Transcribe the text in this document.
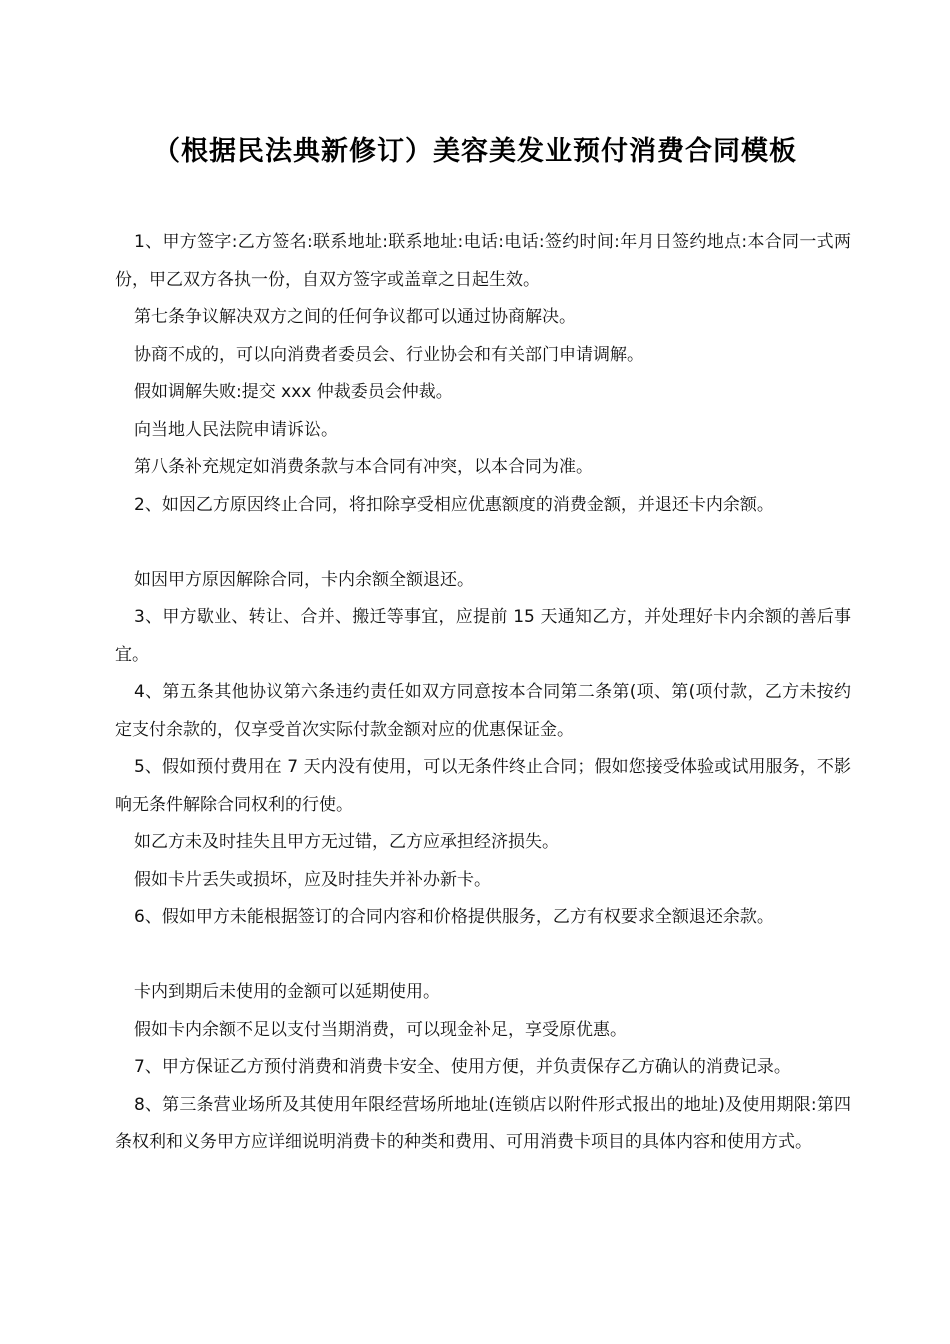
（根据民法典新修订）美容美发业预付消费合同模板

1、甲方签字:乙方签名:联系地址:联系地址:电话:电话:签约时间:年月日签约地点:本合同一式两份，甲乙双方各执一份，自双方签字或盖章之日起生效。

第七条争议解决双方之间的任何争议都可以通过协商解决。

协商不成的，可以向消费者委员会、行业协会和有关部门申请调解。

假如调解失败:提交 xxx 仲裁委员会仲裁。

向当地人民法院申请诉讼。

第八条补充规定如消费条款与本合同有冲突，以本合同为准。

2、如因乙方原因终止合同，将扣除享受相应优惠额度的消费金额，并退还卡内余额。

如因甲方原因解除合同，卡内余额全额退还。

3、甲方歇业、转让、合并、搬迁等事宜，应提前 15 天通知乙方，并处理好卡内余额的善后事宜。

4、第五条其他协议第六条违约责任如双方同意按本合同第二条第(项、第(项付款，乙方未按约定支付余款的，仅享受首次实际付款金额对应的优惠保证金。

5、假如预付费用在 7 天内没有使用，可以无条件终止合同；假如您接受体验或试用服务，不影响无条件解除合同权利的行使。

如乙方未及时挂失且甲方无过错，乙方应承担经济损失。

假如卡片丢失或损坏，应及时挂失并补办新卡。

6、假如甲方未能根据签订的合同内容和价格提供服务，乙方有权要求全额退还余款。

卡内到期后未使用的金额可以延期使用。

假如卡内余额不足以支付当期消费，可以现金补足，享受原优惠。

7、甲方保证乙方预付消费和消费卡安全、使用方便，并负责保存乙方确认的消费记录。

8、第三条营业场所及其使用年限经营场所地址(连锁店以附件形式报出的地址)及使用期限:第四条权利和义务甲方应详细说明消费卡的种类和费用、可用消费卡项目的具体内容和使用方式。
